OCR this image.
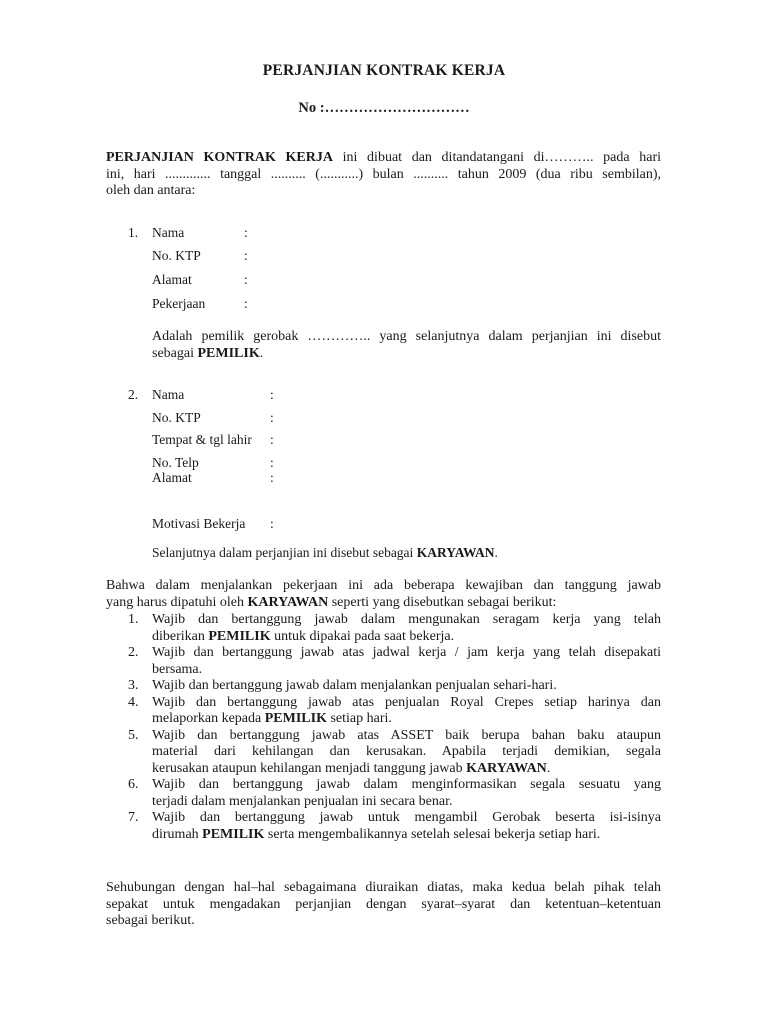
PERJANJIAN KONTRAK KERJA
No :…………………………
PERJANJIAN KONTRAK KERJA ini dibuat dan ditandatangani di……….. pada hari
ini, hari ............. tanggal .......... (...........) bulan .......... tahun 2009 (dua ribu sembilan),
oleh dan antara:
1. Nama	:
No. KTP	:
Alamat	:
Pekerjaan	:
Adalah pemilik gerobak ………….. yang selanjutnya dalam perjanjian ini disebut
sebagai PEMILIK.
2. Nama	:
No. KTP	:
Tempat & tgl lahir :
No. Telp	:
Alamat	:
Motivasi Bekerja :
Selanjutnya dalam perjanjian ini disebut sebagai KARYAWAN.
Bahwa dalam menjalankan pekerjaan ini ada beberapa kewajiban dan tanggung jawab
yang harus dipatuhi oleh KARYAWAN seperti yang disebutkan sebagai berikut:
1. Wajib dan bertanggung jawab dalam mengunakan seragam kerja yang telah
diberikan PEMILIK untuk dipakai pada saat bekerja.
2. Wajib dan bertanggung jawab atas jadwal kerja / jam kerja yang telah disepakati
bersama.
3. Wajib dan bertanggung jawab dalam menjalankan penjualan sehari-hari.
4. Wajib dan bertanggung jawab atas penjualan Royal Crepes setiap harinya dan
melaporkan kepada PEMILIK setiap hari.
5. Wajib dan bertanggung jawab atas ASSET baik berupa bahan baku ataupun
material dari kehilangan dan kerusakan. Apabila terjadi demikian, segala
kerusakan ataupun kehilangan menjadi tanggung jawab KARYAWAN.
6. Wajib dan bertanggung jawab dalam menginformasikan segala sesuatu yang
terjadi dalam menjalankan penjualan ini secara benar.
7. Wajib dan bertanggung jawab untuk mengambil Gerobak beserta isi-isinya
dirumah PEMILIK serta mengembalikannya setelah selesai bekerja setiap hari.
Sehubungan dengan hal–hal sebagaimana diuraikan diatas, maka kedua belah pihak telah
sepakat untuk mengadakan perjanjian dengan syarat–syarat dan ketentuan–ketentuan
sebagai berikut.
